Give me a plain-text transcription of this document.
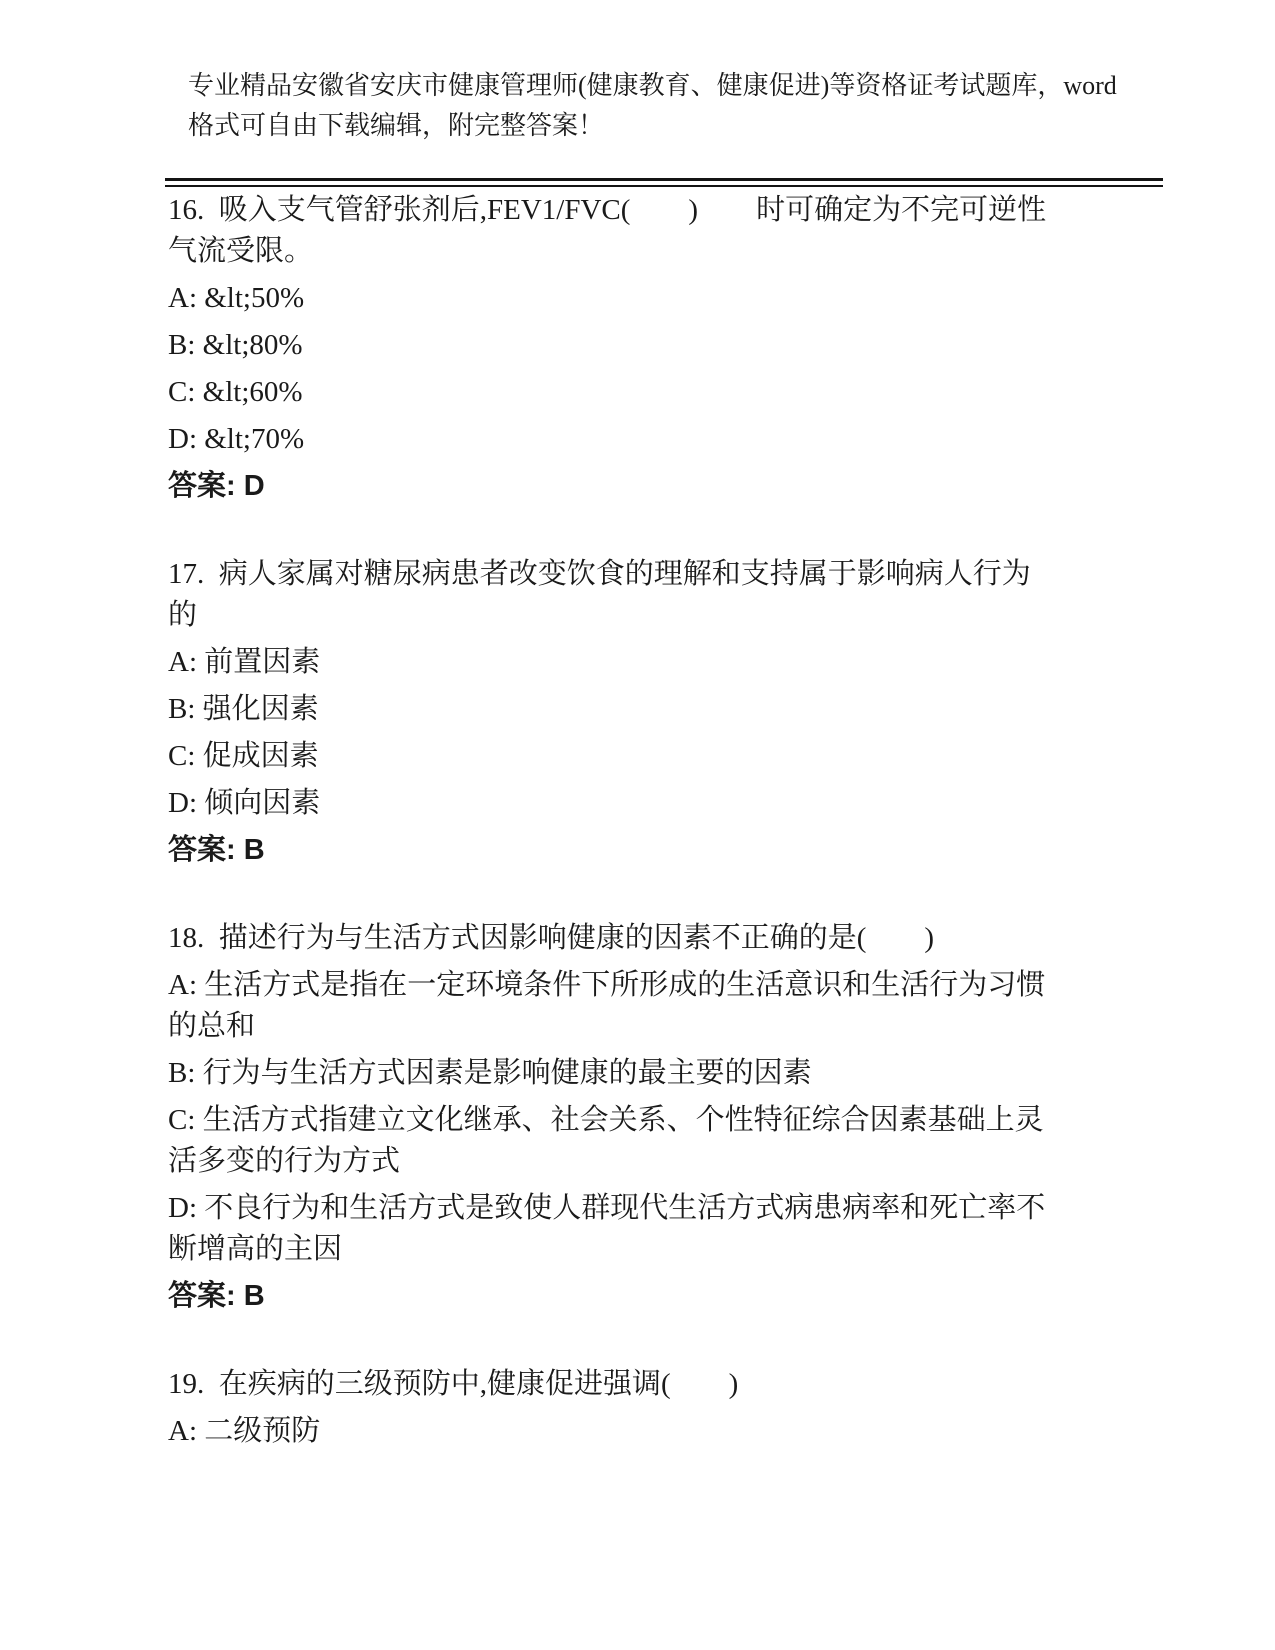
专业精品安徽省安庆市健康管理师(健康教育、健康促进)等资格证考试题库，word
格式可自由下载编辑，附完整答案！

16.  吸入支气管舒张剂后,FEV1/FVC(　　)　　时可确定为不完可逆性
气流受限。

A: &lt;50%

B: &lt;80%

C: &lt;60%

D: &lt;70%

答案: D

17.  病人家属对糖尿病患者改变饮食的理解和支持属于影响病人行为
的

A: 前置因素

B: 强化因素

C: 促成因素

D: 倾向因素

答案: B

18.  描述行为与生活方式因影响健康的因素不正确的是(　　)

A: 生活方式是指在一定环境条件下所形成的生活意识和生活行为习惯
的总和

B: 行为与生活方式因素是影响健康的最主要的因素

C: 生活方式指建立文化继承、社会关系、个性特征综合因素基础上灵
活多变的行为方式

D: 不良行为和生活方式是致使人群现代生活方式病患病率和死亡率不
断增高的主因

答案: B

19.  在疾病的三级预防中,健康促进强调(　　)

A: 二级预防
